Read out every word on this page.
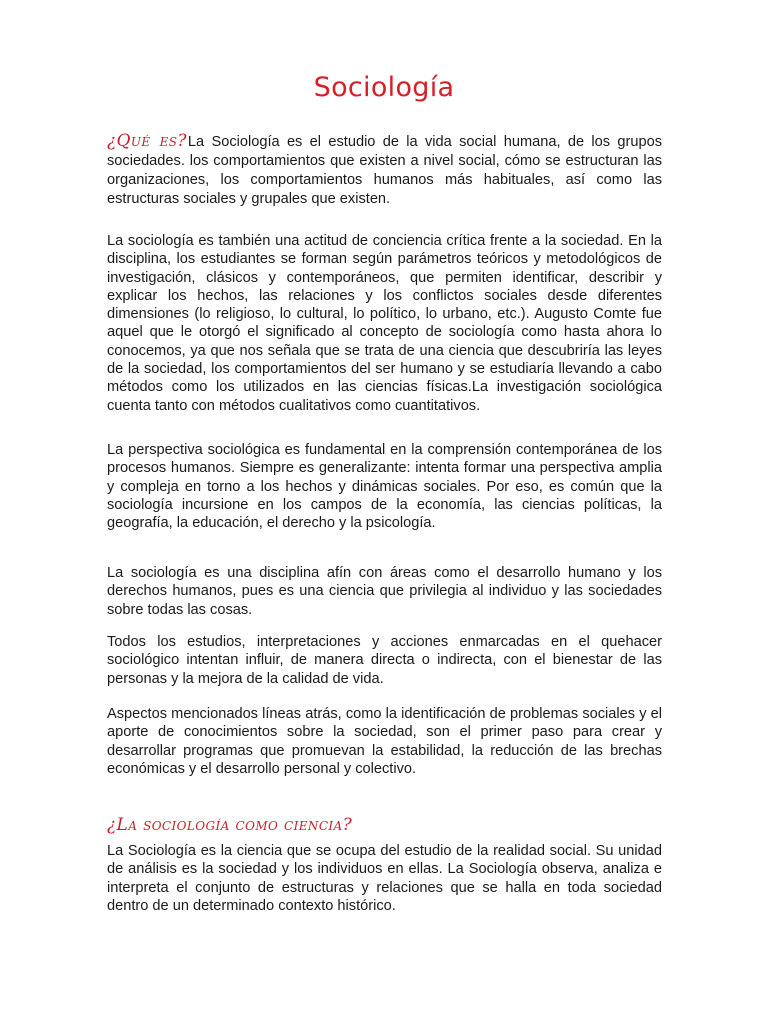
Sociología

¿Qué es?La Sociología es el estudio de la vida social humana, de los grupos sociedades. los comportamientos que existen a nivel social, cómo se estructuran las organizaciones, los comportamientos humanos más habituales, así como las estructuras sociales y grupales que existen.

La sociología es también una actitud de conciencia crítica frente a la sociedad. En la disciplina, los estudiantes se forman según parámetros teóricos y metodológicos de investigación, clásicos y contemporáneos, que permiten identificar, describir y explicar los hechos, las relaciones y los conflictos sociales desde diferentes dimensiones (lo religioso, lo cultural, lo político, lo urbano, etc.). Augusto Comte fue aquel que le otorgó el significado al concepto de sociología como hasta ahora lo conocemos, ya que nos señala que se trata de una ciencia que descubriría las leyes de la sociedad, los comportamientos del ser humano y se estudiaría llevando a cabo métodos como los utilizados en las ciencias físicas.La investigación sociológica cuenta tanto con métodos cualitativos como cuantitativos.

La perspectiva sociológica es fundamental en la comprensión contemporánea de los procesos humanos. Siempre es generalizante: intenta formar una perspectiva amplia y compleja en torno a los hechos y dinámicas sociales. Por eso, es común que la sociología incursione en los campos de la economía, las ciencias políticas, la geografía, la educación, el derecho y la psicología.

La sociología es una disciplina afín con áreas como el desarrollo humano y los derechos humanos, pues es una ciencia que privilegia al individuo y las sociedades sobre todas las cosas.

Todos los estudios, interpretaciones y acciones enmarcadas en el quehacer sociológico intentan influir, de manera directa o indirecta, con el bienestar de las personas y la mejora de la calidad de vida.

Aspectos mencionados líneas atrás, como la identificación de problemas sociales y el aporte de conocimientos sobre la sociedad, son el primer paso para crear y desarrollar programas que promuevan la estabilidad, la reducción de las brechas económicas y el desarrollo personal y colectivo.

¿La sociología como ciencia?

La Sociología es la ciencia que se ocupa del estudio de la realidad social. Su unidad de análisis es la sociedad y los individuos en ellas. La Sociología observa, analiza e interpreta el conjunto de estructuras y relaciones que se halla en toda sociedad dentro de un determinado contexto histórico.
